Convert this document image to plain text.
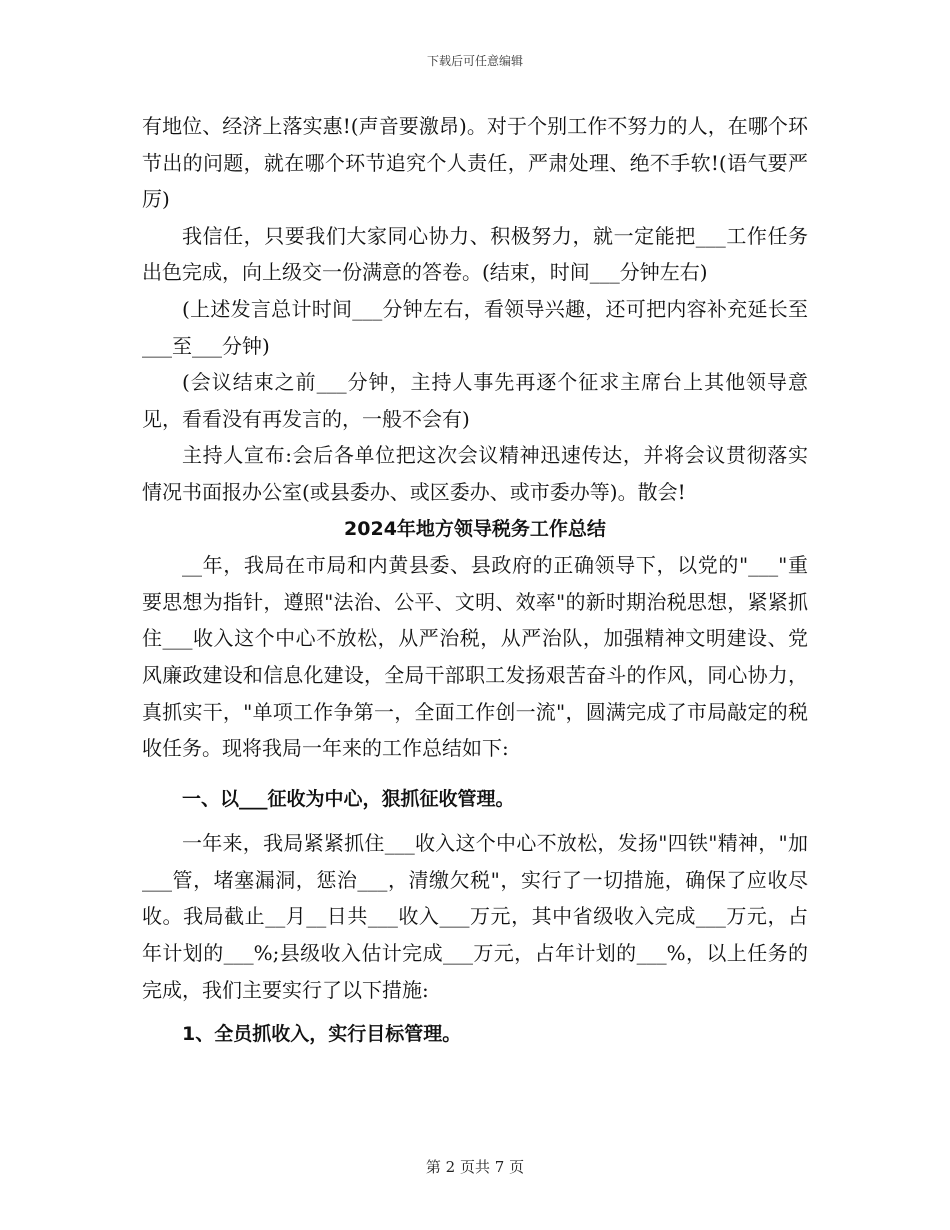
下载后可任意编辑

有地位、经济上落实惠!(声音要激昂)。对于个别工作不努力的人，在哪个环节出的问题，就在哪个环节追究个人责任，严肃处理、绝不手软!(语气要严厉)

我信任，只要我们大家同心协力、积极努力，就一定能把___工作任务出色完成，向上级交一份满意的答卷。(结束，时间___分钟左右)

(上述发言总计时间___分钟左右，看领导兴趣，还可把内容补充延长至___至___分钟)

(会议结束之前___分钟，主持人事先再逐个征求主席台上其他领导意见，看看没有再发言的，一般不会有)

主持人宣布:会后各单位把这次会议精神迅速传达，并将会议贯彻落实情况书面报办公室(或县委办、或区委办、或市委办等)。散会!

2024年地方领导税务工作总结

__年，我局在市局和内黄县委、县政府的正确领导下，以党的"___"重要思想为指针，遵照"法治、公平、文明、效率"的新时期治税思想，紧紧抓住___收入这个中心不放松，从严治税，从严治队，加强精神文明建设、党风廉政建设和信息化建设，全局干部职工发扬艰苦奋斗的作风，同心协力，真抓实干，"单项工作争第一，全面工作创一流"，圆满完成了市局敲定的税收任务。现将我局一年来的工作总结如下:

一、以___征收为中心，狠抓征收管理。

一年来，我局紧紧抓住___收入这个中心不放松，发扬"四铁"精神，"加___管，堵塞漏洞，惩治___，清缴欠税"，实行了一切措施，确保了应收尽收。我局截止__月__日共___收入___万元，其中省级收入完成___万元，占年计划的___%;县级收入估计完成___万元，占年计划的___%，以上任务的完成，我们主要实行了以下措施:

1、全员抓收入，实行目标管理。

第 2 页共 7 页
